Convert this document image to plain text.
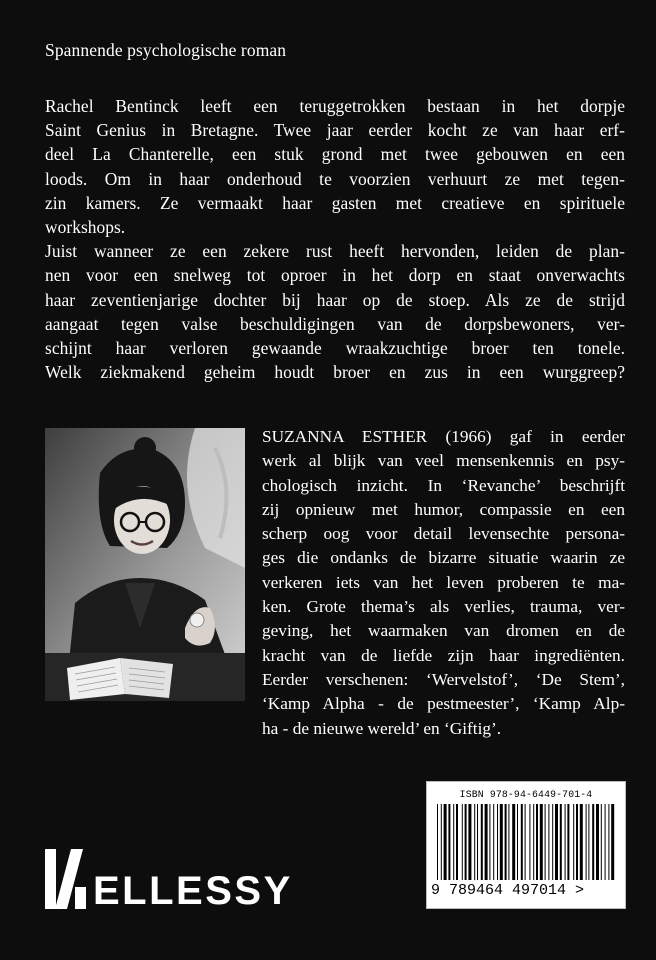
Spannende psychologische roman
Rachel Bentinck leeft een teruggetrokken bestaan in het dorpje
Saint Genius in Bretagne. Twee jaar eerder kocht ze van haar erf-
deel La Chanterelle, een stuk grond met twee gebouwen en een
loods. Om in haar onderhoud te voorzien verhuurt ze met tegen-
zin kamers. Ze vermaakt haar gasten met creatieve en spirituele
workshops.
Juist wanneer ze een zekere rust heeft hervonden, leiden de plan-
nen voor een snelweg tot oproer in het dorp en staat onverwachts
haar zeventienjarige dochter bij haar op de stoep. Als ze de strijd
aangaat tegen valse beschuldigingen van de dorpsbewoners, ver-
schijnt haar verloren gewaande wraakzuchtige broer ten tonele.
Welk ziekmakend geheim houdt broer en zus in een wurggreep?
SUZANNA ESTHER (1966) gaf in eerder
werk al blijk van veel mensenkennis en psy-
chologisch inzicht. In ‘Revanche’ beschrijft
zij opnieuw met humor, compassie en een
scherp oog voor detail levensechte persona-
ges die ondanks de bizarre situatie waarin ze
verkeren iets van het leven proberen te ma-
ken. Grote thema’s als verlies, trauma, ver-
geving, het waarmaken van dromen en de
kracht van de liefde zijn haar ingrediënten.
Eerder verschenen: ‘Wervelstof’, ‘De Stem’,
‘Kamp Alpha - de pestmeester’, ‘Kamp Alp-
ha - de nieuwe wereld’ en ‘Giftig’.
ISBN 978-94-6449-701-4
9 789464 497014 >
ELLESSY
